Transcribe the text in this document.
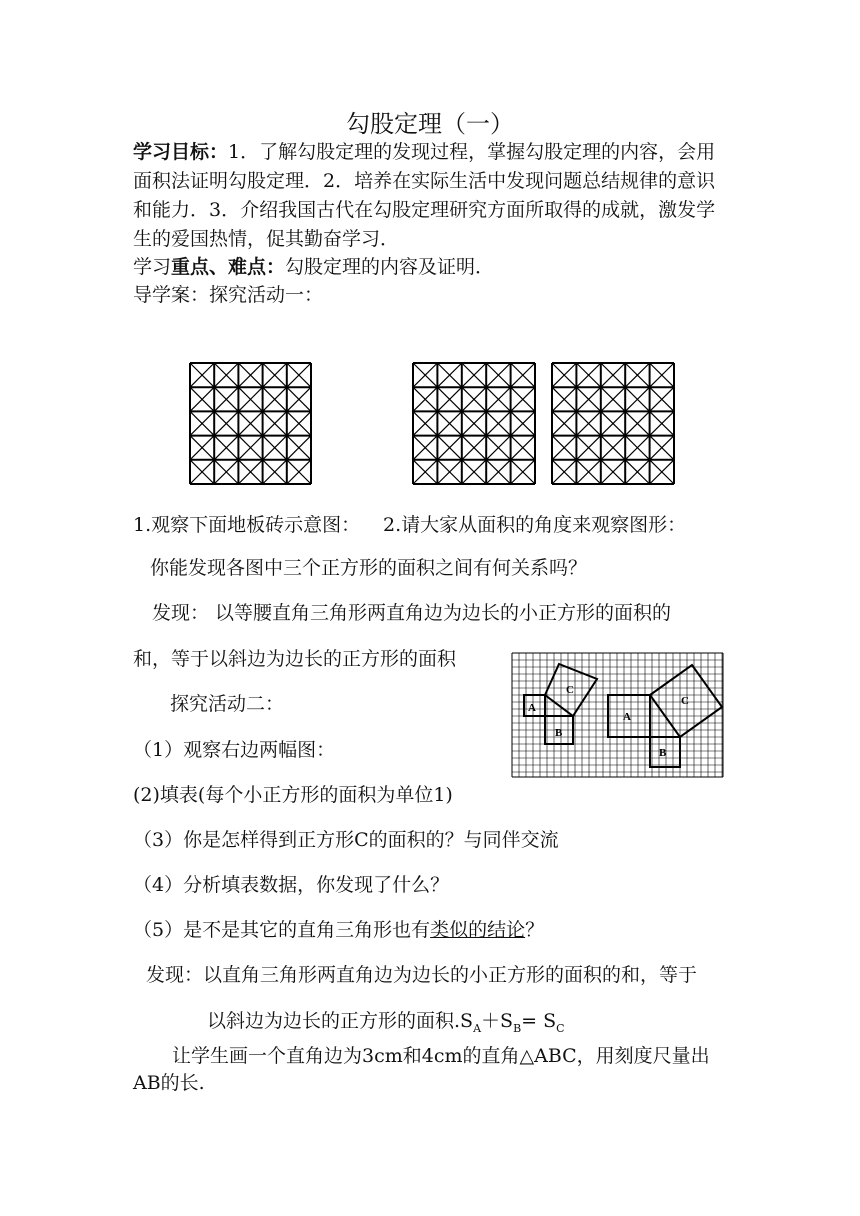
勾股定理（一）
学习目标：1．了解勾股定理的发现过程，掌握勾股定理的内容，会用面积法证明勾股定理．2．培养在实际生活中发现问题总结规律的意识和能力．3．介绍我国古代在勾股定理研究方面所取得的成就，激发学生的爱国热情，促其勤奋学习．
学习重点、难点：勾股定理的内容及证明．
导学案：探究活动一：
1.观察下面地板砖示意图： 2.请大家从面积的角度来观察图形：
你能发现各图中三个正方形的面积之间有何关系吗？
发现： 以等腰直角三角形两直角边为边长的小正方形的面积的
和，等于以斜边为边长的正方形的面积
A
B
C
A
B
C
探究活动二：
（1）观察右边两幅图：
(2)填表(每个小正方形的面积为单位1)
（3）你是怎样得到正方形C的面积的？与同伴交流
（4）分析填表数据，你发现了什么？
（5）是不是其它的直角三角形也有类似的结论？
发现：以直角三角形两直角边为边长的小正方形的面积的和，等于
以斜边为边长的正方形的面积$.S_A+S_B= S_C$
让学生画一个直角边为3cm和4cm的直角△ABC，用刻度尺量出
AB的长.
